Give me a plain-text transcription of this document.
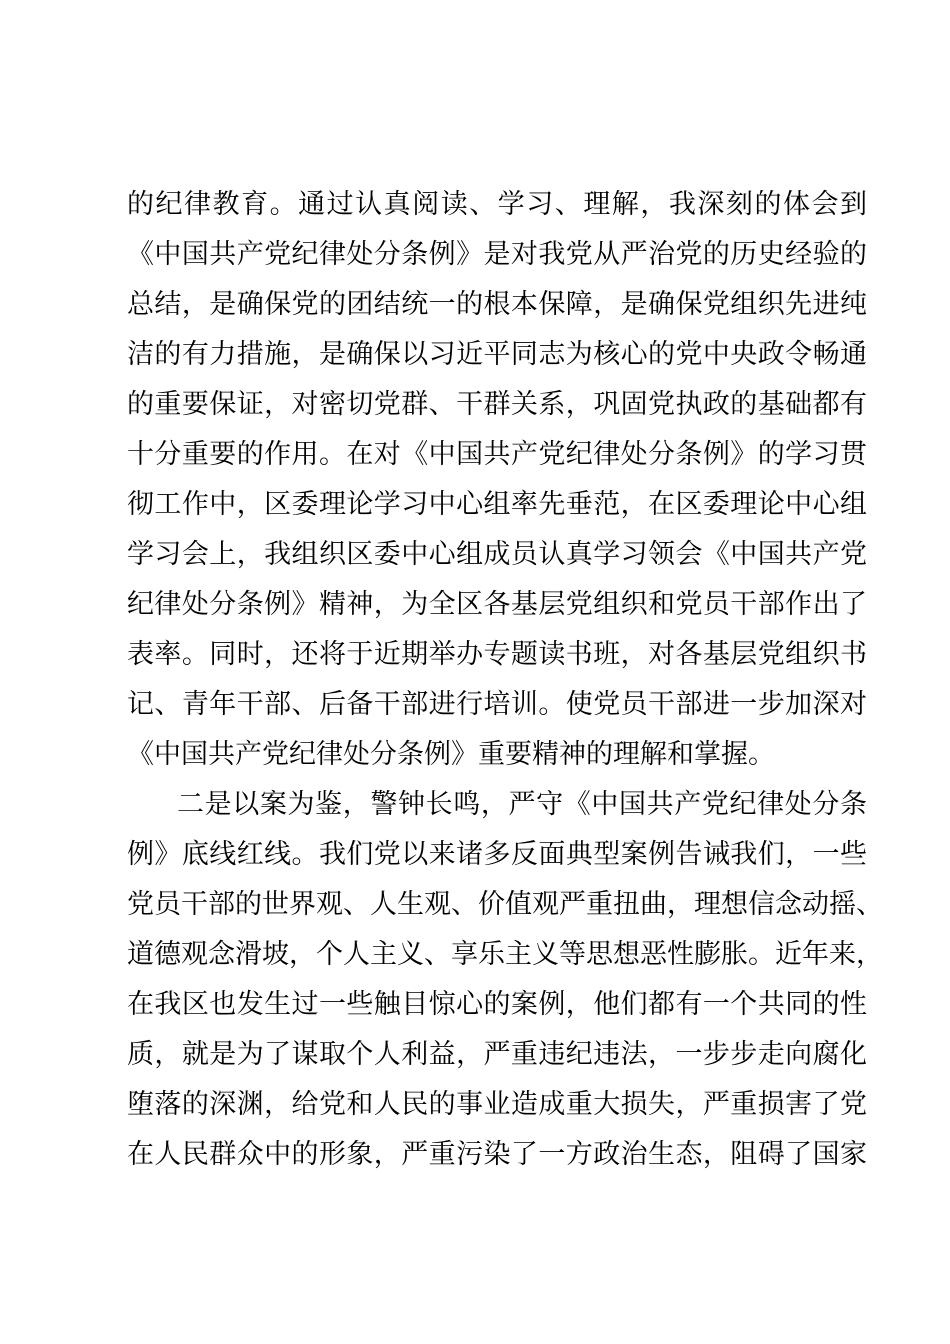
的纪律教育。通过认真阅读、学习、理解，我深刻的体会到
《中国共产党纪律处分条例》是对我党从严治党的历史经验的
总结，是确保党的团结统一的根本保障，是确保党组织先进纯
洁的有力措施，是确保以习近平同志为核心的党中央政令畅通
的重要保证，对密切党群、干群关系，巩固党执政的基础都有
十分重要的作用。在对《中国共产党纪律处分条例》的学习贯
彻工作中，区委理论学习中心组率先垂范，在区委理论中心组
学习会上，我组织区委中心组成员认真学习领会《中国共产党
纪律处分条例》精神，为全区各基层党组织和党员干部作出了
表率。同时，还将于近期举办专题读书班，对各基层党组织书
记、青年干部、后备干部进行培训。使党员干部进一步加深对
《中国共产党纪律处分条例》重要精神的理解和掌握。
二是以案为鉴，警钟长鸣，严守《中国共产党纪律处分条
例》底线红线。我们党以来诸多反面典型案例告诫我们，一些
党员干部的世界观、人生观、价值观严重扭曲，理想信念动摇、
道德观念滑坡，个人主义、享乐主义等思想恶性膨胀。近年来，
在我区也发生过一些触目惊心的案例，他们都有一个共同的性
质，就是为了谋取个人利益，严重违纪违法，一步步走向腐化
堕落的深渊，给党和人民的事业造成重大损失，严重损害了党
在人民群众中的形象，严重污染了一方政治生态，阻碍了国家
